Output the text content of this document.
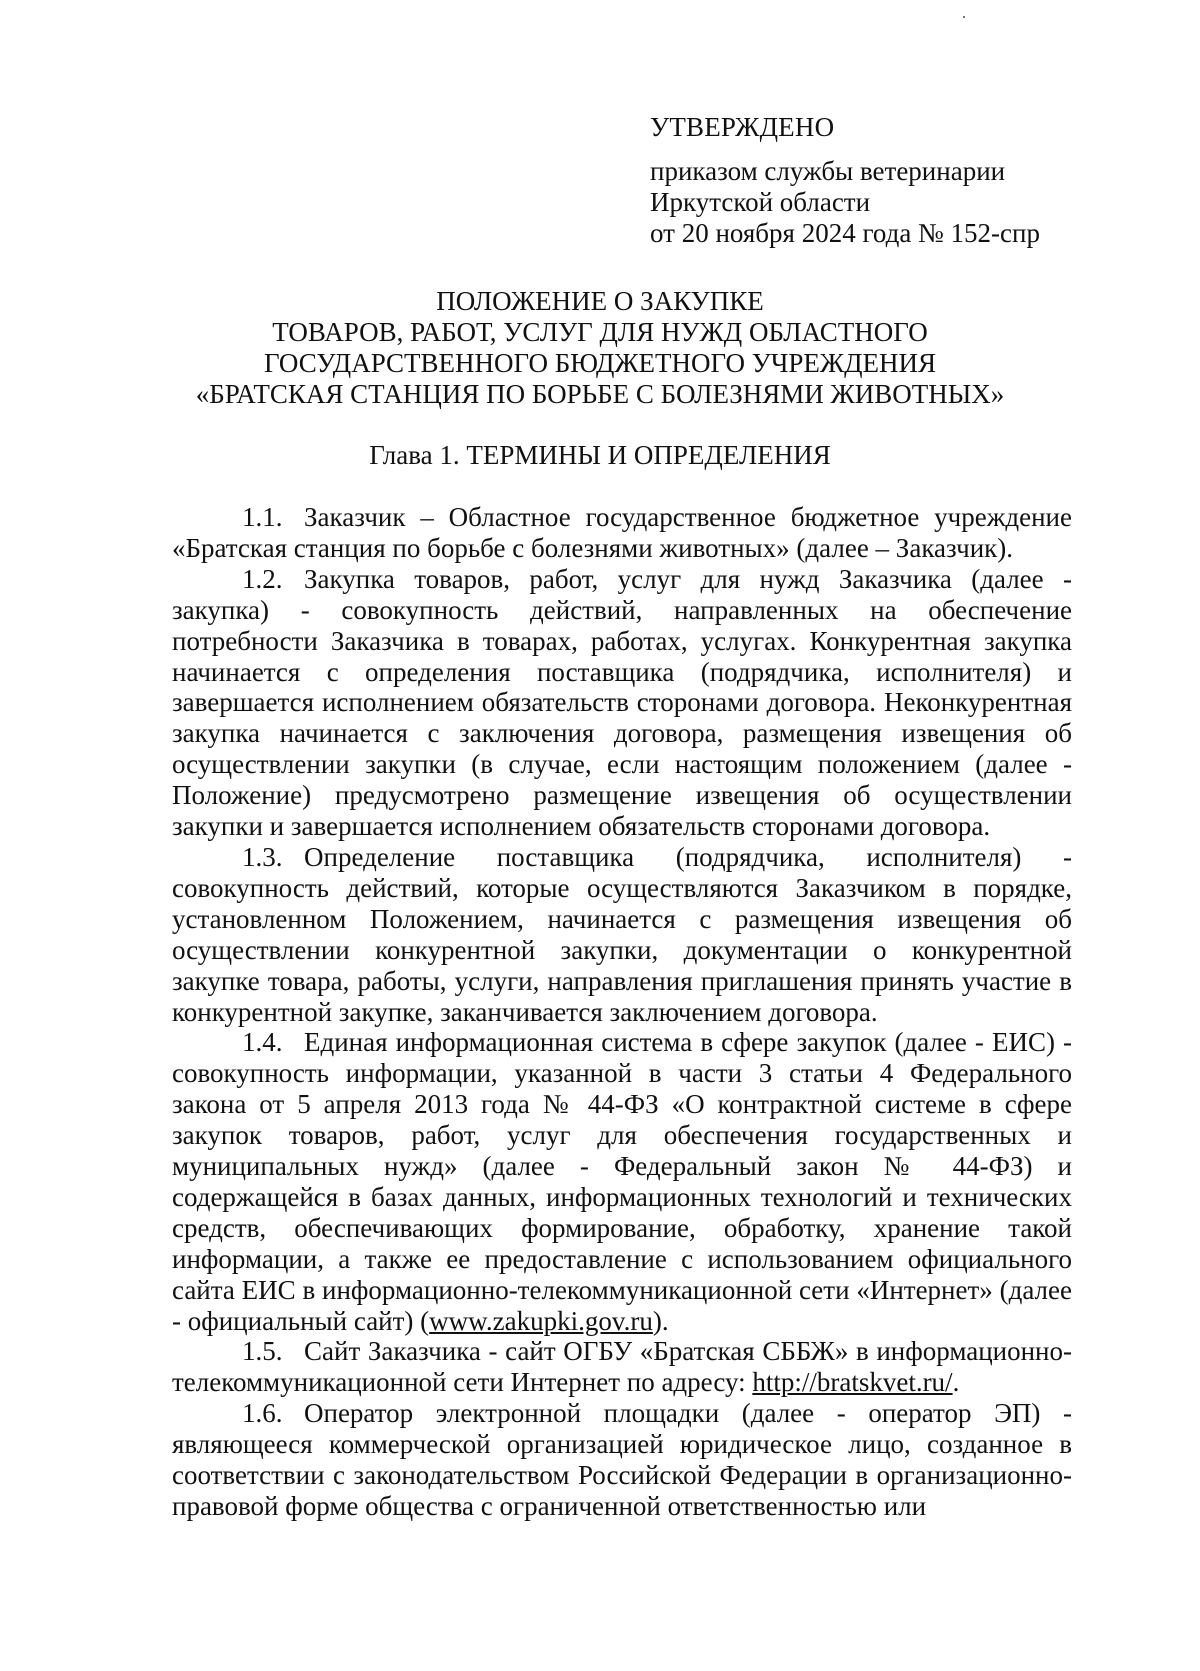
УТВЕРЖДЕНО
приказом службы ветеринарии
Иркутской области
от 20 ноября 2024 года № 152-спр
ПОЛОЖЕНИЕ О ЗАКУПКЕ
ТОВАРОВ, РАБОТ, УСЛУГ ДЛЯ НУЖД ОБЛАСТНОГО
ГОСУДАРСТВЕННОГО БЮДЖЕТНОГО УЧРЕЖДЕНИЯ
«БРАТСКАЯ СТАНЦИЯ ПО БОРЬБЕ С БОЛЕЗНЯМИ ЖИВОТНЫХ»
Глава 1. ТЕРМИНЫ И ОПРЕДЕЛЕНИЯ

1.1. Заказчик – Областное государственное бюджетное учреждение «Братская станция по борьбе с болезнями животных» (далее – Заказчик).

1.2. Закупка товаров, работ, услуг для нужд Заказчика (далее - закупка) - совокупность действий, направленных на обеспечение потребности Заказчика в товарах, работах, услугах. Конкурентная закупка начинается с определения поставщика (подрядчика, исполнителя) и завершается исполнением обязательств сторонами договора. Неконкурентная закупка начинается с заключения договора, размещения извещения об осуществлении закупки (в случае, если настоящим положением (далее - Положение) предусмотрено размещение извещения об осуществлении закупки и завершается исполнением обязательств сторонами договора.

1.3. Определение поставщика (подрядчика, исполнителя) - совокупность действий, которые осуществляются Заказчиком в порядке, установленном Положением, начинается с размещения извещения об осуществлении конкурентной закупки, документации о конкурентной закупке товара, работы, услуги, направления приглашения принять участие в конкурентной закупке, заканчивается заключением договора.

1.4. Единая информационная система в сфере закупок (далее - ЕИС) - совокупность информации, указанной в части 3 статьи 4 Федерального закона от 5 апреля 2013 года № 44-ФЗ «О контрактной системе в сфере закупок товаров, работ, услуг для обеспечения государственных и муниципальных нужд» (далее - Федеральный закон № 44-ФЗ) и содержащейся в базах данных, информационных технологий и технических средств, обеспечивающих формирование, обработку, хранение такой информации, а также ее предоставление с использованием официального сайта ЕИС в информационно-телекоммуникационной сети «Интернет» (далее - официальный сайт) (www.zakupki.gov.ru).

1.5. Сайт Заказчика - сайт ОГБУ «Братская СББЖ» в информационно-телекоммуникационной сети Интернет по адресу: http://bratskvet.ru/.

1.6. Оператор электронной площадки (далее - оператор ЭП) - являющееся коммерческой организацией юридическое лицо, созданное в соответствии с законодательством Российской Федерации в организационно-правовой форме общества с ограниченной ответственностью или
